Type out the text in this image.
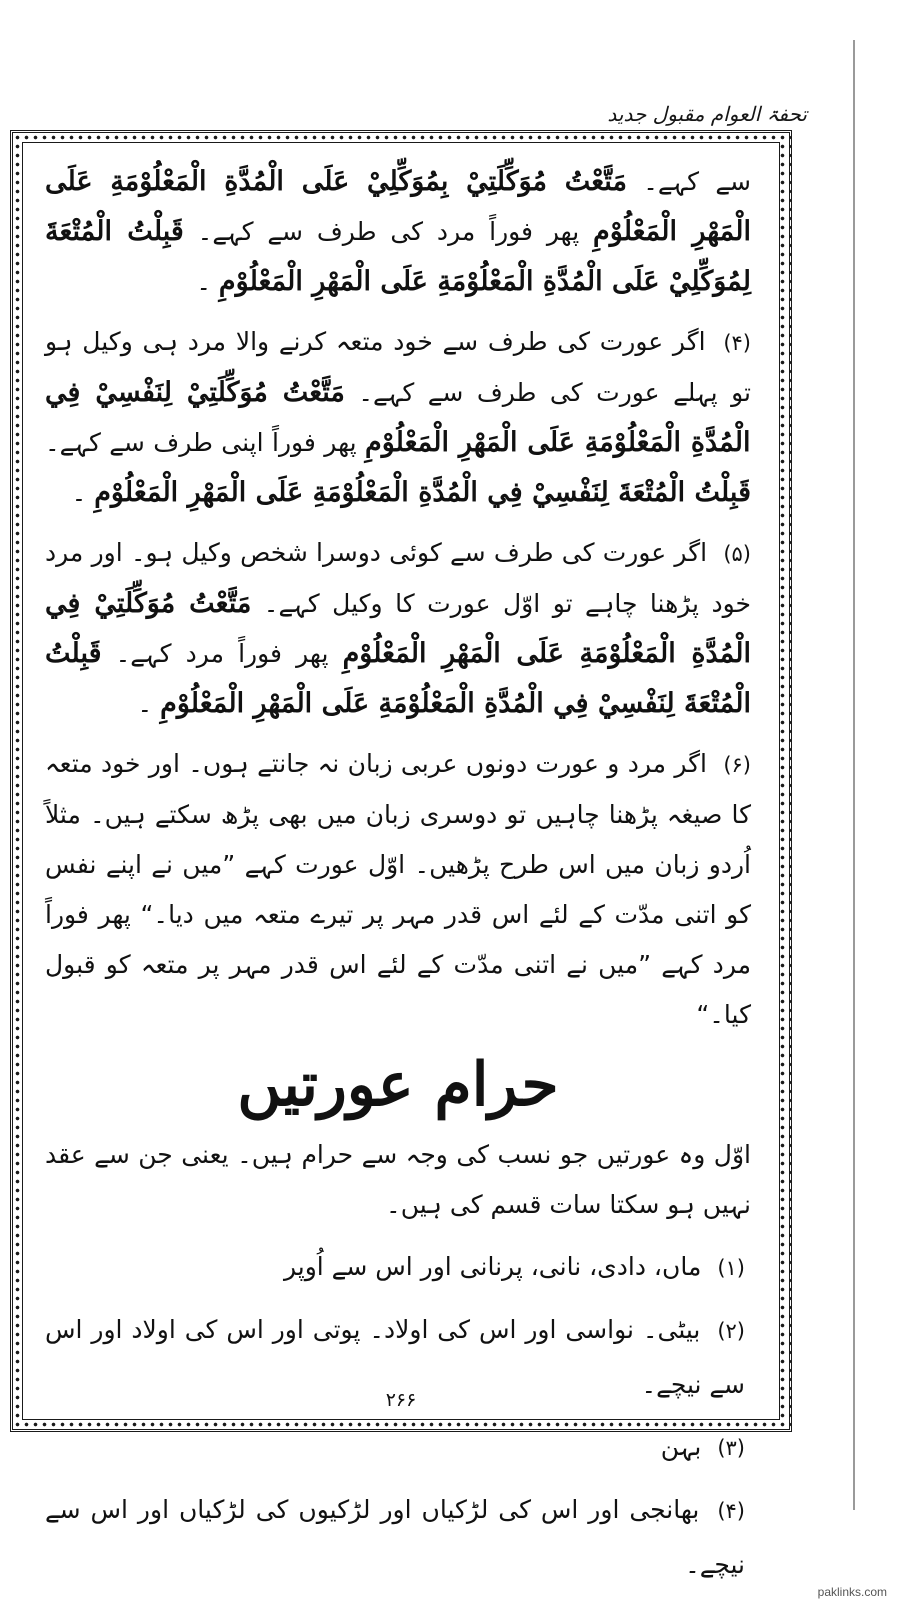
تحفۃ العوام مقبول جدید

سے کہے۔ مَتَّعْتُ مُوَكِّلَتِيْ بِمُوَكِّلِيْ عَلَى الْمُدَّةِ الْمَعْلُوْمَةِ عَلَى الْمَهْرِ الْمَعْلُوْمِ پھر فوراً مرد کی طرف سے کہے۔ قَبِلْتُ الْمُتْعَةَ لِمُوَكِّلِيْ عَلَى الْمُدَّةِ الْمَعْلُوْمَةِ عَلَى الْمَهْرِ الْمَعْلُوْمِ ۔

(۴) اگر عورت کی طرف سے خود متعہ کرنے والا مرد ہی وکیل ہو تو پہلے عورت کی طرف سے کہے۔ مَتَّعْتُ مُوَكِّلَتِيْ لِنَفْسِيْ فِي الْمُدَّةِ الْمَعْلُوْمَةِ عَلَى الْمَهْرِ الْمَعْلُوْمِ پھر فوراً اپنی طرف سے کہے۔ قَبِلْتُ الْمُتْعَةَ لِنَفْسِيْ فِي الْمُدَّةِ الْمَعْلُوْمَةِ عَلَى الْمَهْرِ الْمَعْلُوْمِ ۔

(۵) اگر عورت کی طرف سے کوئی دوسرا شخص وکیل ہو۔ اور مرد خود پڑھنا چاہے تو اوّل عورت کا وکیل کہے۔ مَتَّعْتُ مُوَكِّلَتِيْ فِي الْمُدَّةِ الْمَعْلُوْمَةِ عَلَى الْمَهْرِ الْمَعْلُوْمِ پھر فوراً مرد کہے۔ قَبِلْتُ الْمُتْعَةَ لِنَفْسِيْ فِي الْمُدَّةِ الْمَعْلُوْمَةِ عَلَى الْمَهْرِ الْمَعْلُوْمِ ۔

(۶) اگر مرد و عورت دونوں عربی زبان نہ جانتے ہوں۔ اور خود متعہ کا صیغہ پڑھنا چاہیں تو دوسری زبان میں بھی پڑھ سکتے ہیں۔ مثلاً اُردو زبان میں اس طرح پڑھیں۔ اوّل عورت کہے ”میں نے اپنے نفس کو اتنی مدّت کے لئے اس قدر مہر پر تیرے متعہ میں دیا۔“ پھر فوراً مرد کہے ”میں نے اتنی مدّت کے لئے اس قدر مہر پر متعہ کو قبول کیا۔“

حرام عورتیں

اوّل وہ عورتیں جو نسب کی وجہ سے حرام ہیں۔ یعنی جن سے عقد نہیں ہو سکتا سات قسم کی ہیں۔

(۱) ماں، دادی، نانی، پرنانی اور اس سے اُوپر
(۲) بیٹی۔ نواسی اور اس کی اولاد۔ پوتی اور اس کی اولاد اور اس سے نیچے۔
(۳) بہن
(۴) بھانجی اور اس کی لڑکیاں اور لڑکیوں کی لڑکیاں اور اس سے نیچے۔
۲۶۶
paklinks.com
